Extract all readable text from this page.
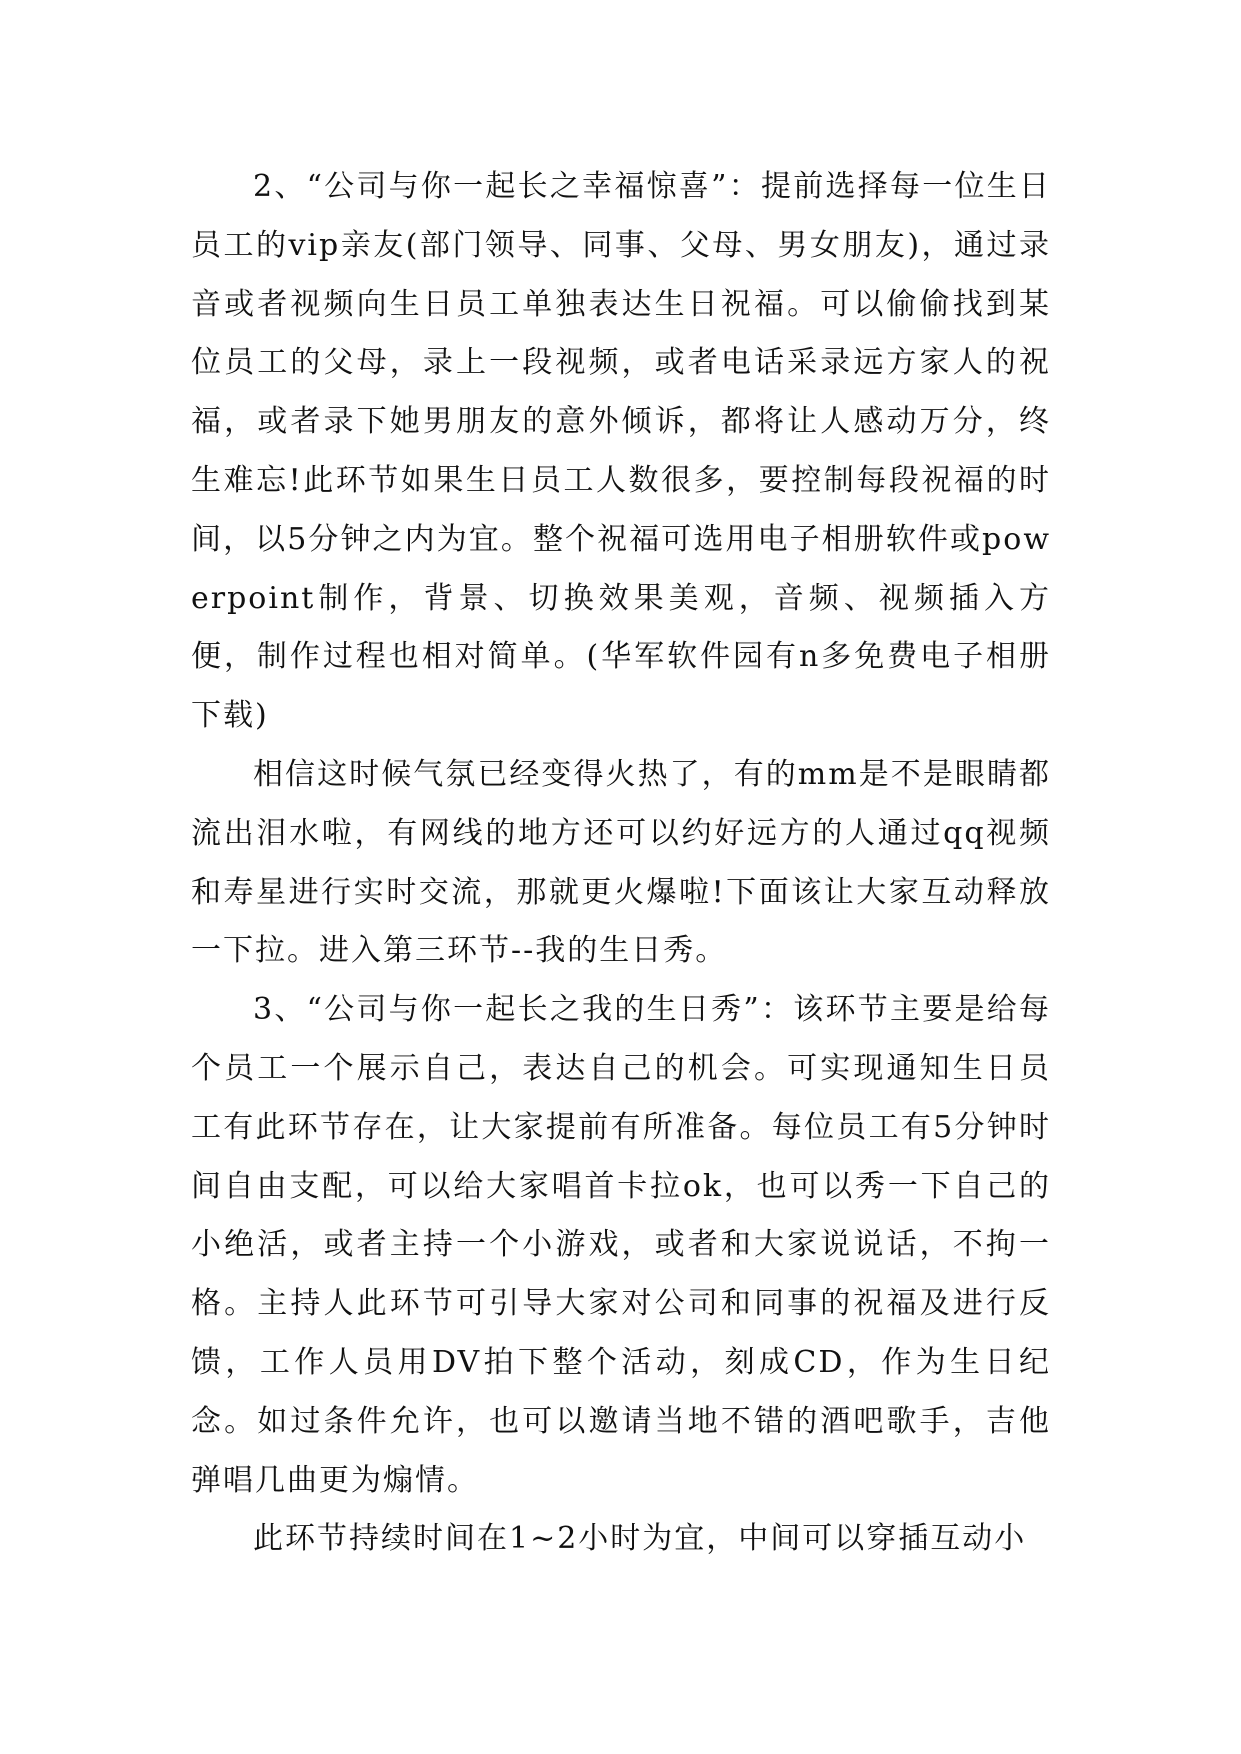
2、“公司与你一起长之幸福惊喜”：提前选择每一位生日员工的vip亲友(部门领导、同事、父母、男女朋友)，通过录音或者视频向生日员工单独表达生日祝福。可以偷偷找到某位员工的父母，录上一段视频，或者电话采录远方家人的祝福，或者录下她男朋友的意外倾诉，都将让人感动万分，终生难忘!此环节如果生日员工人数很多，要控制每段祝福的时间，以5分钟之内为宜。整个祝福可选用电子相册软件或powerpoint制作，背景、切换效果美观，音频、视频插入方便，制作过程也相对简单。(华军软件园有n多免费电子相册下载)

相信这时候气氛已经变得火热了，有的mm是不是眼睛都流出泪水啦，有网线的地方还可以约好远方的人通过qq视频和寿星进行实时交流，那就更火爆啦!下面该让大家互动释放一下拉。进入第三环节--我的生日秀。

3、“公司与你一起长之我的生日秀”：该环节主要是给每个员工一个展示自己，表达自己的机会。可实现通知生日员工有此环节存在，让大家提前有所准备。每位员工有5分钟时间自由支配，可以给大家唱首卡拉ok，也可以秀一下自己的小绝活，或者主持一个小游戏，或者和大家说说话，不拘一格。主持人此环节可引导大家对公司和同事的祝福及进行反馈，工作人员用DV拍下整个活动，刻成CD，作为生日纪念。如过条件允许，也可以邀请当地不错的酒吧歌手，吉他弹唱几曲更为煽情。

此环节持续时间在1~2小时为宜，中间可以穿插互动小
